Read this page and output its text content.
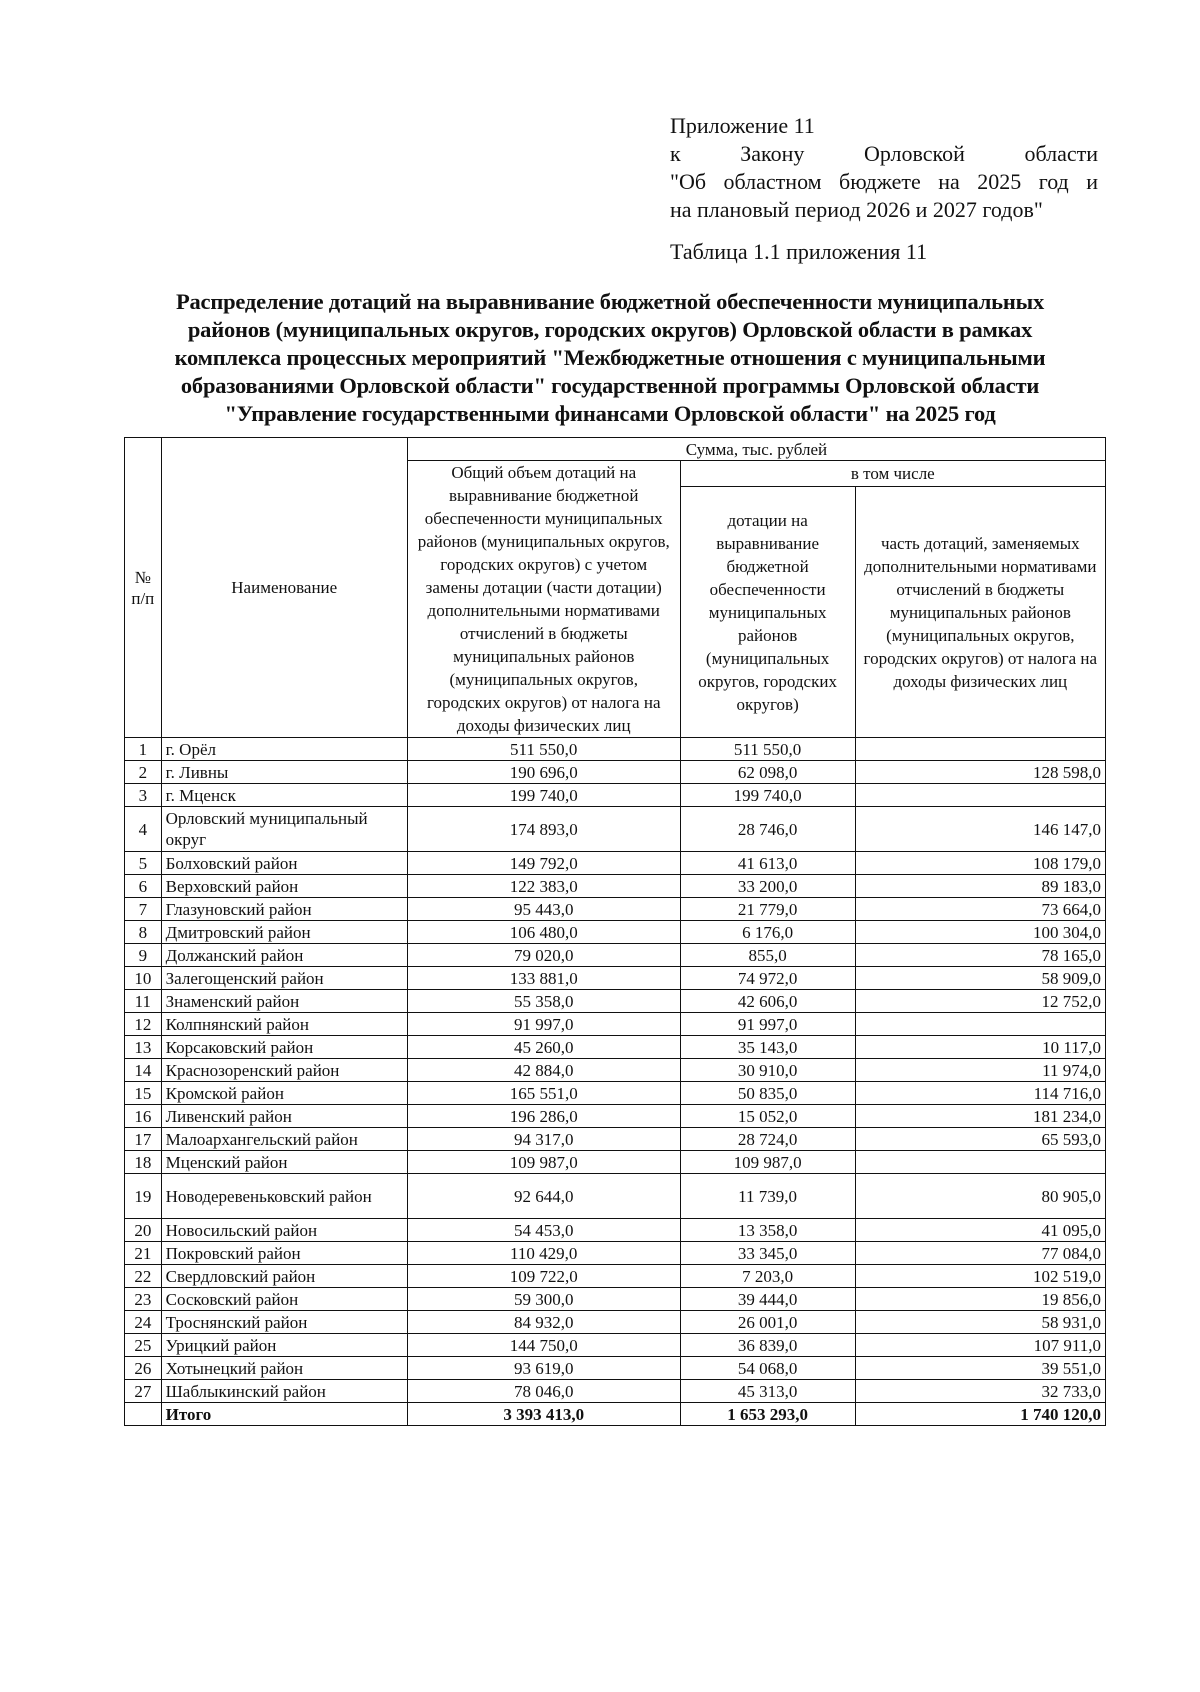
Приложение 11
к Закону Орловской области
"Об областном бюджете на 2025 год и
на плановый период 2026 и 2027 годов"
Таблица 1.1 приложения 11
Распределение дотаций на выравнивание бюджетной обеспеченности муниципальных
районов (муниципальных округов, городских округов) Орловской области в рамках
комплекса процессных мероприятий "Межбюджетные отношения с муниципальными
образованиями Орловской области" государственной программы Орловской области
"Управление государственными финансами Орловской области" на 2025 год
№ п/п	Наименование	Сумма, тыс. рублей		
		Общий объем дотаций на выравнивание бюджетной обеспеченности муниципальных районов (муниципальных округов, городских округов) с учетом замены дотации (части дотации) дополнительными нормативами отчислений в бюджеты муниципальных районов (муниципальных округов, городских округов) от налога на доходы физических лиц	в том числе	
			дотации на выравнивание бюджетной обеспеченности муниципальных районов (муниципальных округов, городских округов)	часть дотаций, заменяемых дополнительными нормативами отчислений в бюджеты муниципальных районов (муниципальных округов, городских округов) от налога на доходы физических лиц
1	г. Орёл	511 550,0	511 550,0	
2	г. Ливны	190 696,0	62 098,0	128 598,0
3	г. Мценск	199 740,0	199 740,0	
4	Орловский муниципальный округ	174 893,0	28 746,0	146 147,0
5	Болховский район	149 792,0	41 613,0	108 179,0
6	Верховский район	122 383,0	33 200,0	89 183,0
7	Глазуновский район	95 443,0	21 779,0	73 664,0
8	Дмитровский район	106 480,0	6 176,0	100 304,0
9	Должанский район	79 020,0	855,0	78 165,0
10	Залегощенский район	133 881,0	74 972,0	58 909,0
11	Знаменский район	55 358,0	42 606,0	12 752,0
12	Колпнянский район	91 997,0	91 997,0	
13	Корсаковский район	45 260,0	35 143,0	10 117,0
14	Краснозоренский район	42 884,0	30 910,0	11 974,0
15	Кромской район	165 551,0	50 835,0	114 716,0
16	Ливенский район	196 286,0	15 052,0	181 234,0
17	Малоархангельский район	94 317,0	28 724,0	65 593,0
18	Мценский район	109 987,0	109 987,0	
19	Новодеревеньковский район	92 644,0	11 739,0	80 905,0
20	Новосильский район	54 453,0	13 358,0	41 095,0
21	Покровский район	110 429,0	33 345,0	77 084,0
22	Свердловский район	109 722,0	7 203,0	102 519,0
23	Сосковский район	59 300,0	39 444,0	19 856,0
24	Троснянский район	84 932,0	26 001,0	58 931,0
25	Урицкий район	144 750,0	36 839,0	107 911,0
26	Хотынецкий район	93 619,0	54 068,0	39 551,0
27	Шаблыкинский район	78 046,0	45 313,0	32 733,0
	Итого	3 393 413,0	1 653 293,0	1 740 120,0
